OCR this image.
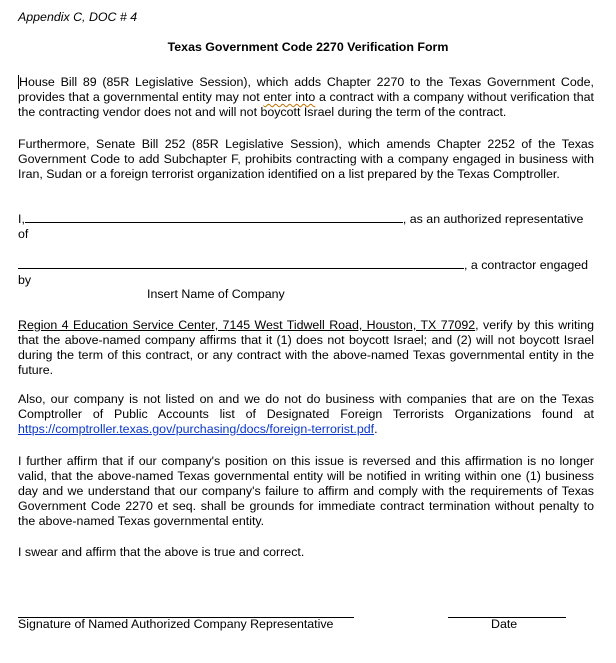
Appendix C, DOC # 4
Texas Government Code 2270 Verification Form
House Bill 89 (85R Legislative Session), which adds Chapter 2270 to the Texas Government Code, provides that a governmental entity may not enter into a contract with a company without verification that the contracting vendor does not and will not boycott Israel during the term of the contract.
Furthermore, Senate Bill 252 (85R Legislative Session), which amends Chapter 2252 of the Texas Government Code to add Subchapter F, prohibits contracting with a company engaged in business with Iran, Sudan or a foreign terrorist organization identified on a list prepared by the Texas Comptroller.
I,	, as an authorized representative of
, a contractor engaged by
Insert Name of Company
Region 4 Education Service Center, 7145 West Tidwell Road, Houston, TX 77092, verify by this writing that the above-named company affirms that it (1) does not boycott Israel; and (2) will not boycott Israel during the term of this contract, or any contract with the above-named Texas governmental entity in the future.
Also, our company is not listed on and we do not do business with companies that are on the Texas Comptroller of Public Accounts list of Designated Foreign Terrorists Organizations found at https://comptroller.texas.gov/purchasing/docs/foreign-terrorist.pdf.
I further affirm that if our company's position on this issue is reversed and this affirmation is no longer valid, that the above-named Texas governmental entity will be notified in writing within one (1) business day and we understand that our company's failure to affirm and comply with the requirements of Texas Government Code 2270 et seq. shall be grounds for immediate contract termination without penalty to the above-named Texas governmental entity.
I swear and affirm that the above is true and correct.
Signature of Named Authorized Company Representative	Date
